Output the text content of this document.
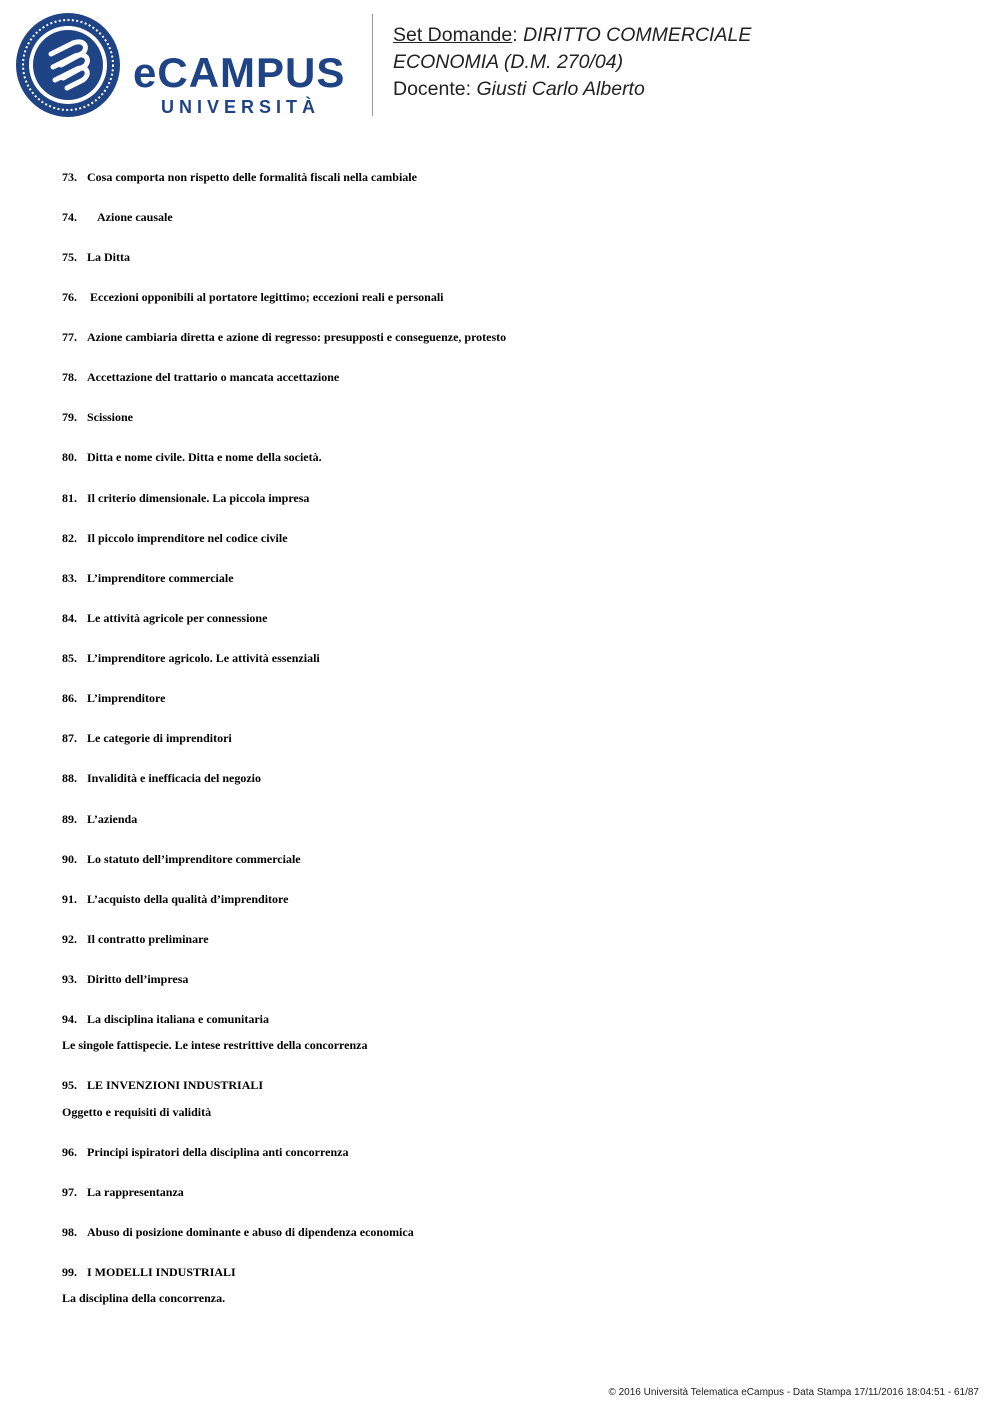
eCAMPUS
UNIVERSITÀ
Set Domande: DIRITTO COMMERCIALE
ECONOMIA (D.M. 270/04)
Docente: Giusti Carlo Alberto
73. Cosa comporta non rispetto delle formalità fiscali nella cambiale
74. Azione causale
75. La Ditta
76. Eccezioni opponibili al portatore legittimo; eccezioni reali e personali
77. Azione cambiaria diretta e azione di regresso: presupposti e conseguenze, protesto
78. Accettazione del trattario o mancata accettazione
79. Scissione
80. Ditta e nome civile. Ditta e nome della società.
81. Il criterio dimensionale. La piccola impresa
82. Il piccolo imprenditore nel codice civile
83. L’imprenditore commerciale
84. Le attività agricole per connessione
85. L’imprenditore agricolo. Le attività essenziali
86. L’imprenditore
87. Le categorie di imprenditori
88. Invalidità e inefficacia del negozio
89. L’azienda
90. Lo statuto dell’imprenditore commerciale
91. L’acquisto della qualità d’imprenditore
92. Il contratto preliminare
93. Diritto dell’impresa
94. La disciplina italiana e comunitaria
Le singole fattispecie. Le intese restrittive della concorrenza
95. LE INVENZIONI INDUSTRIALI
Oggetto e requisiti di validità
96. Principi ispiratori della disciplina anti concorrenza
97. La rappresentanza
98. Abuso di posizione dominante e abuso di dipendenza economica
99. I MODELLI INDUSTRIALI
La disciplina della concorrenza.
© 2016 Università Telematica eCampus - Data Stampa 17/11/2016 18:04:51 - 61/87
